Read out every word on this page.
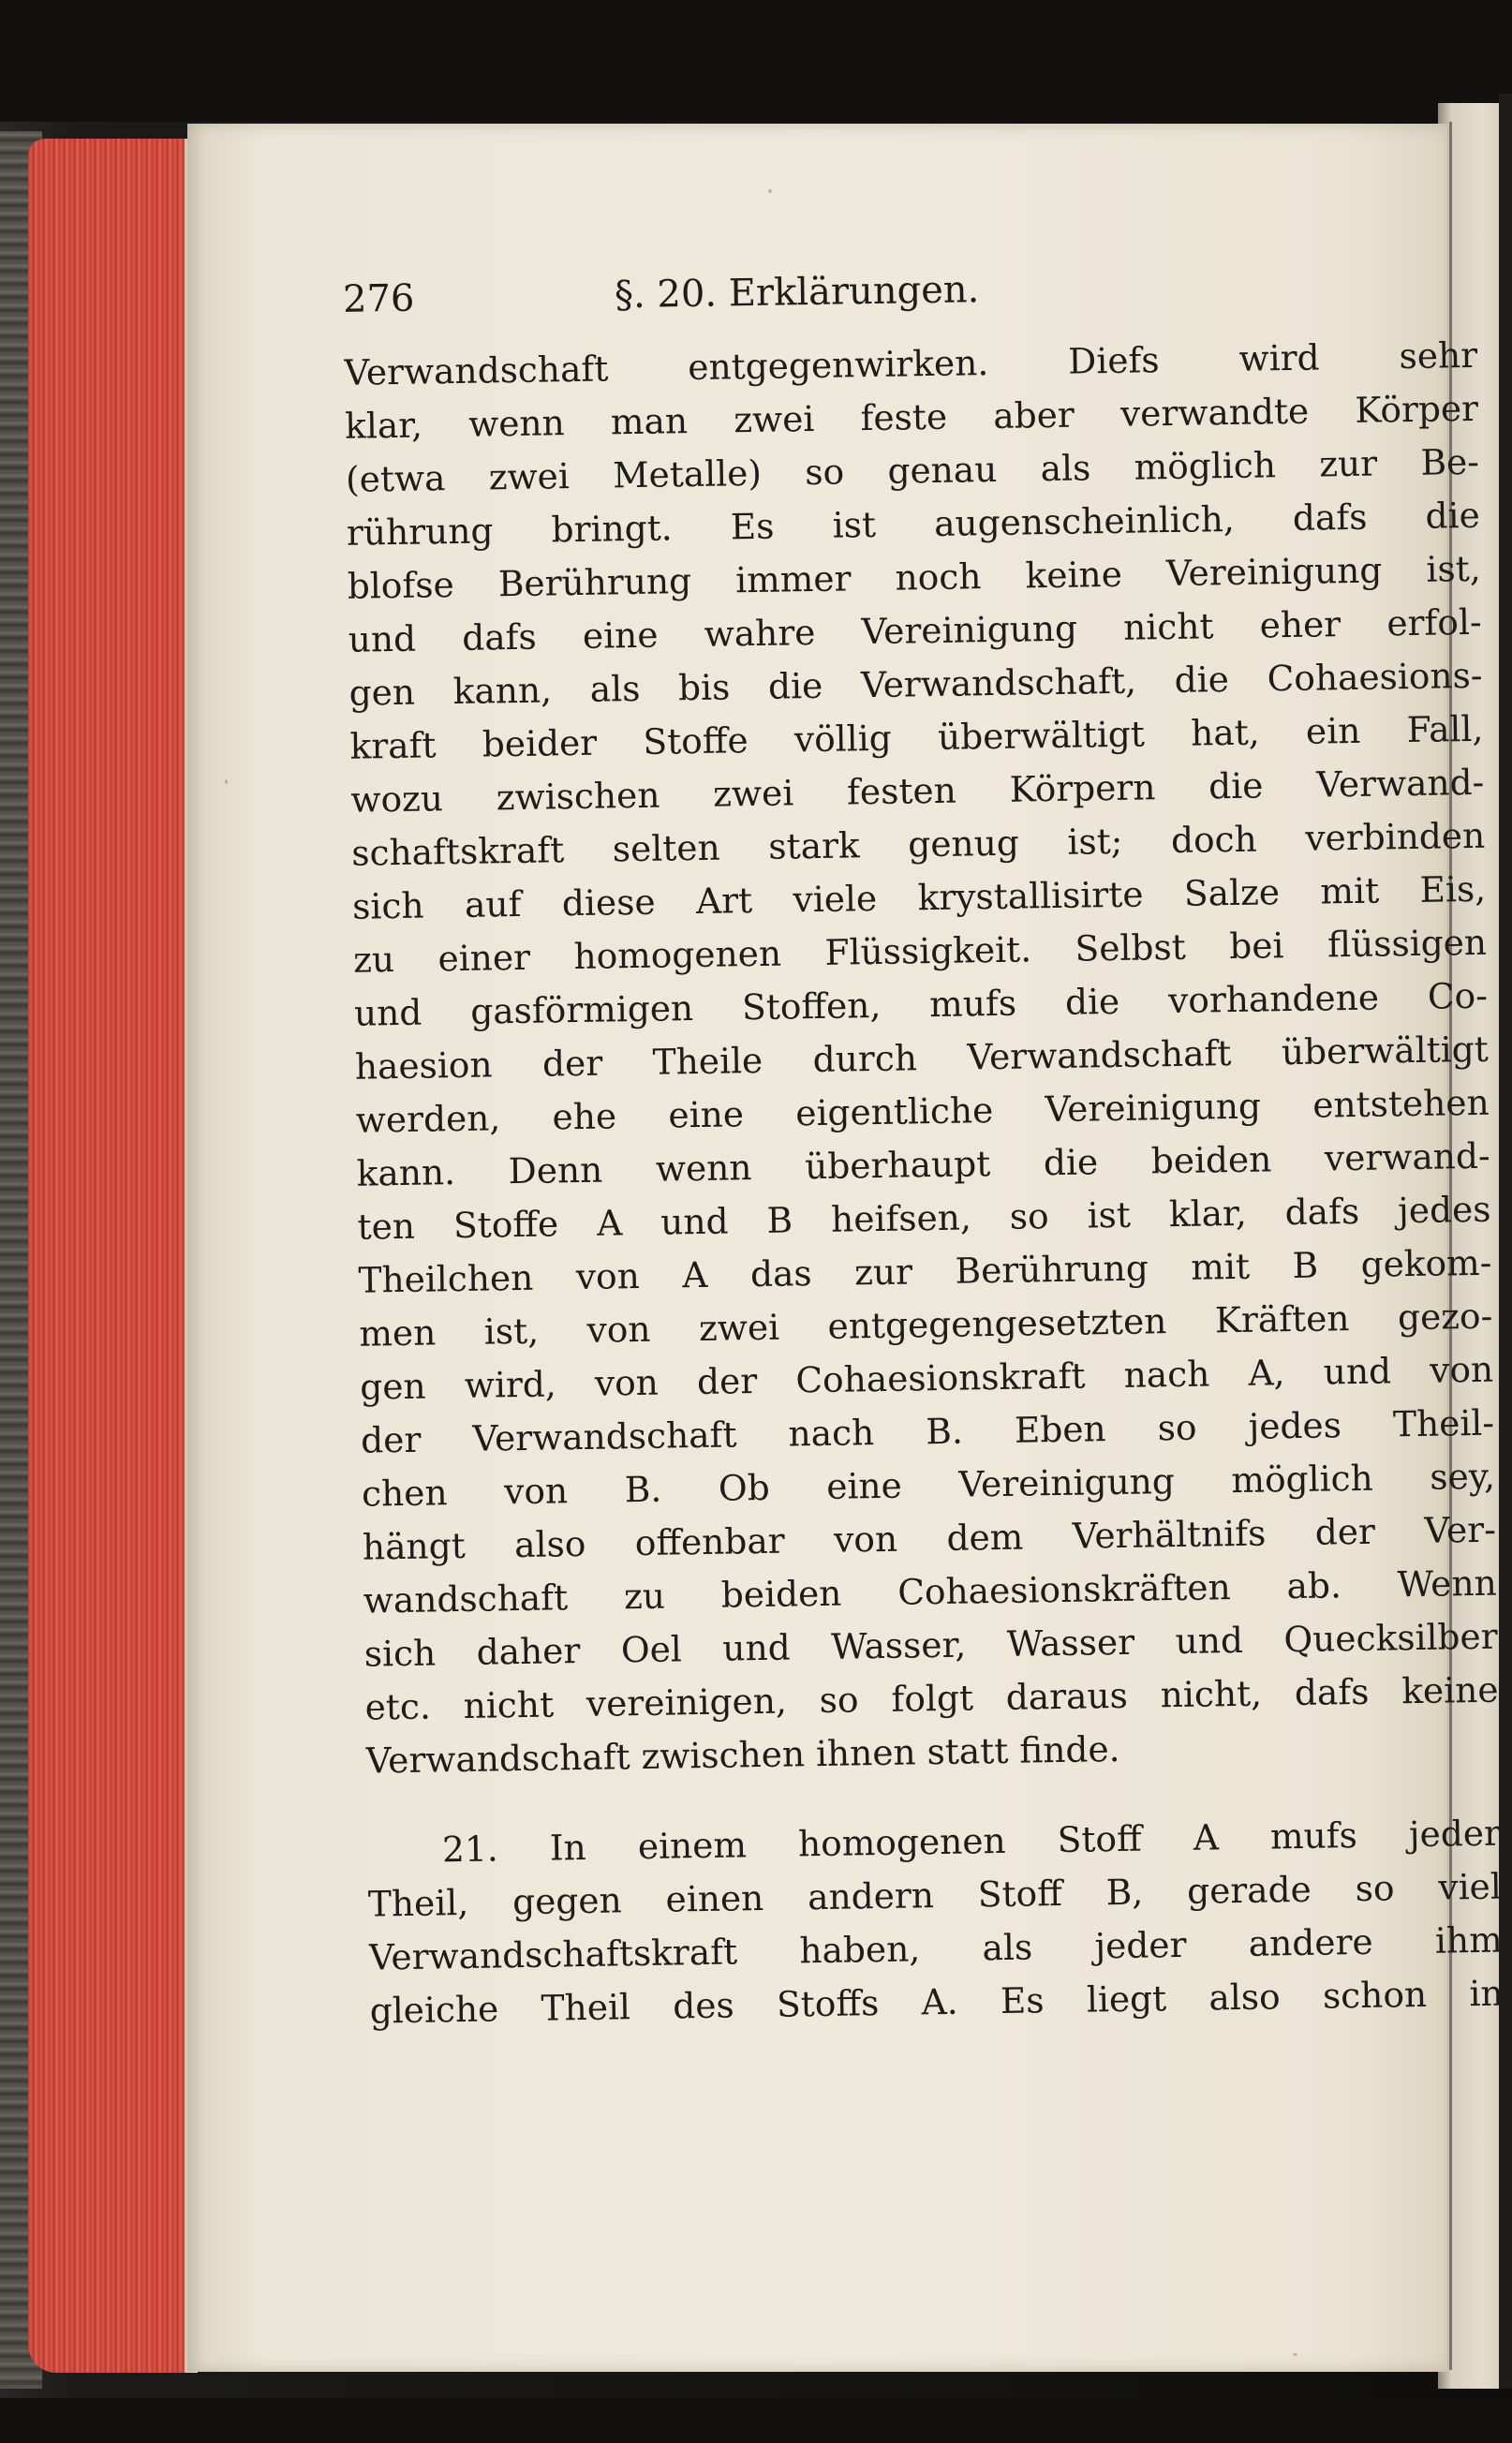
276	§. 20. Erklärungen.
Verwandschaft entgegenwirken. Diefs wird sehr
klar, wenn man zwei feste aber verwandte Körper
(etwa zwei Metalle) so genau als möglich zur Be-
rührung bringt. Es ist augenscheinlich, dafs die
blofse Berührung immer noch keine Vereinigung ist,
und dafs eine wahre Vereinigung nicht eher erfol-
gen kann, als bis die Verwandschaft, die Cohaesions-
kraft beider Stoffe völlig überwältigt hat, ein Fall,
wozu zwischen zwei festen Körpern die Verwand-
schaftskraft selten stark genug ist; doch verbinden
sich auf diese Art viele krystallisirte Salze mit Eis,
zu einer homogenen Flüssigkeit. Selbst bei flüssigen
und gasförmigen Stoffen, mufs die vorhandene Co-
haesion der Theile durch Verwandschaft überwältigt
werden, ehe eine eigentliche Vereinigung entstehen
kann. Denn wenn überhaupt die beiden verwand-
ten Stoffe A und B heifsen, so ist klar, dafs jedes
Theilchen von A das zur Berührung mit B gekom-
men ist, von zwei entgegengesetzten Kräften gezo-
gen wird, von der Cohaesionskraft nach A, und von
der Verwandschaft nach B. Eben so jedes Theil-
chen von B. Ob eine Vereinigung möglich sey,
hängt also offenbar von dem Verhältnifs der Ver-
wandschaft zu beiden Cohaesionskräften ab. Wenn
sich daher Oel und Wasser, Wasser und Quecksilber
etc. nicht vereinigen, so folgt daraus nicht, dafs keine
Verwandschaft zwischen ihnen statt finde.
21. In einem homogenen Stoff A mufs jeder
Theil, gegen einen andern Stoff B, gerade so viel
Verwandschaftskraft haben, als jeder andere ihm
gleiche Theil des Stoffs A. Es liegt also schon in
